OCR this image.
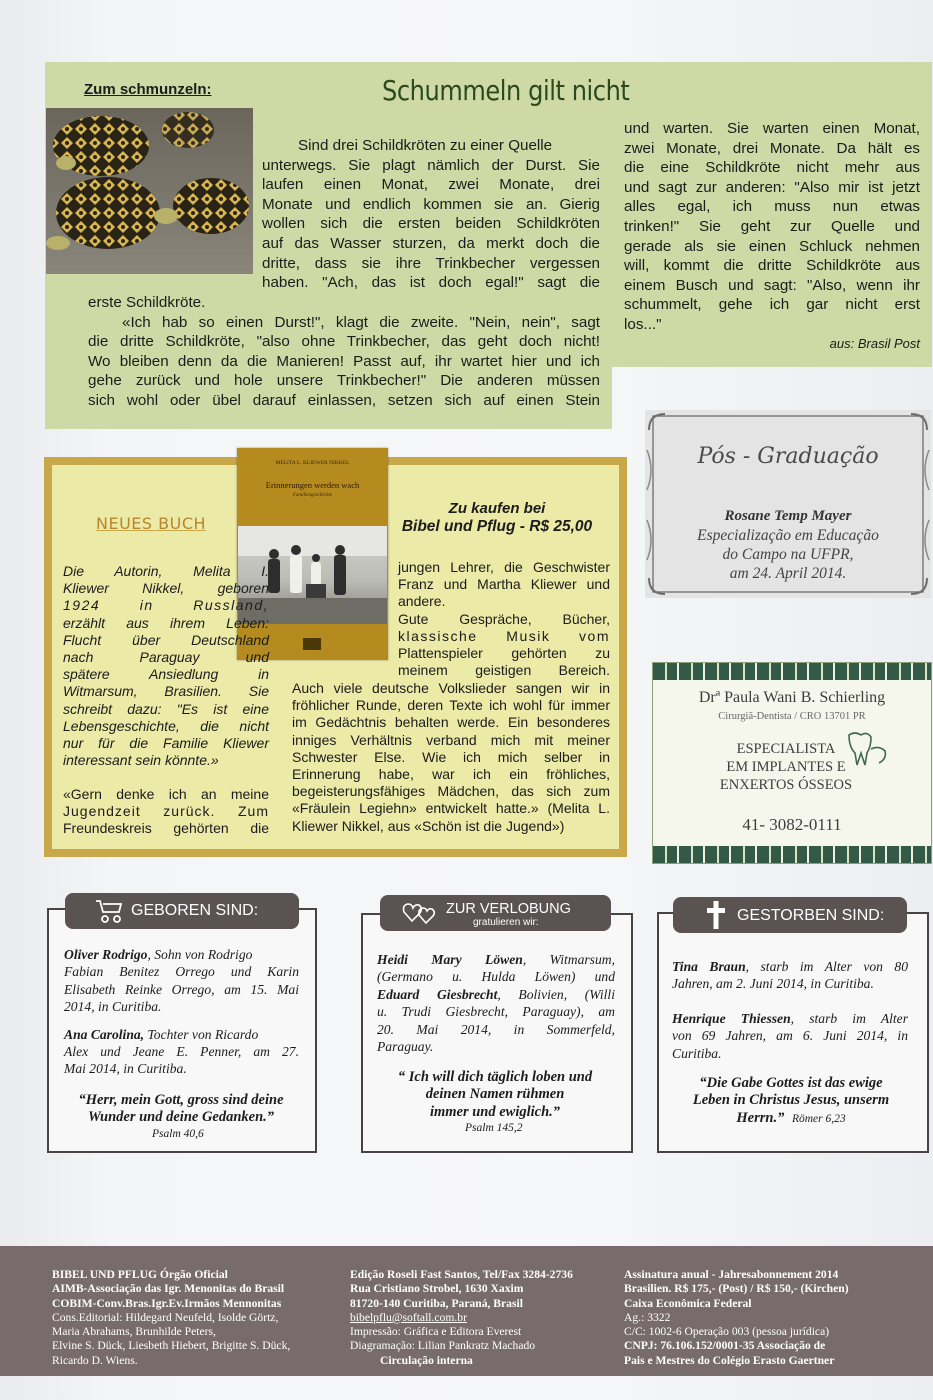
Zum schmunzeln:	Schummeln gilt nicht
Sind drei Schildkröten zu einer Quelle
unterwegs. Sie plagt nämlich der Durst. Sie
laufen einen Monat, zwei Monate, drei
Monate und endlich kommen sie an. Gierig
wollen sich die ersten beiden Schildkröten
auf das Wasser sturzen, da merkt doch die
dritte, dass sie ihre Trinkbecher vergessen
haben. "Ach, das ist doch egal!" sagt die
erste Schildkröte.
«Ich hab so einen Durst!", klagt die zweite. "Nein, nein", sagt
die dritte Schildkröte, "also ohne Trinkbecher, das geht doch nicht!
Wo bleiben denn da die Manieren! Passt auf, ihr wartet hier und ich
gehe zurück und hole unsere Trinkbecher!" Die anderen müssen
sich wohl oder übel darauf einlassen, setzen sich auf einen Stein
und warten. Sie warten einen Monat,
zwei Monate, drei Monate. Da hält es
die eine Schildkröte nicht mehr aus
und sagt zur anderen: "Also mir ist jetzt
alles egal, ich muss nun etwas
trinken!" Sie geht zur Quelle und
gerade als sie einen Schluck nehmen
will, kommt die dritte Schildkröte aus
einem Busch und sagt: "Also, wenn ihr
schummelt, gehe ich gar nicht erst
los..."
aus: Brasil Post
NEUES BUCH
MELITA L. KLIEWER NIKKEL
Erinnerungen werden wach
Familiengeschichte
Zu kaufen bei
Bibel und Pflug - R$ 25,00
Die Autorin, Melita I.
Kliewer Nikkel, geboren
1924 in Russland,
erzählt aus ihrem Leben:
Flucht über Deutschland
nach Paraguay und
spätere Ansiedlung in
Witmarsum, Brasilien. Sie
schreibt dazu: "Es ist eine
Lebensgeschichte, die nicht
nur für die Familie Kliewer
interessant sein könnte.»
«Gern denke ich an meine
Jugendzeit zurück. Zum
Freundeskreis gehörten die
jungen Lehrer, die Geschwister
Franz und Martha Kliewer und
andere.
Gute Gespräche, Bücher,
klassische Musik vom
Plattenspieler gehörten zu
meinem geistigen Bereich.
Auch viele deutsche Volkslieder sangen wir in
fröhlicher Runde, deren Texte ich wohl für immer
im Gedächtnis behalten werde. Ein besonderes
inniges Verhältnis verband mich mit meiner
Schwester Else. Wie ich mich selber in
Erinnerung habe, war ich ein fröhliches,
begeisterungsfähiges Mädchen, das sich zum
«Fräulein Legiehn» entwickelt hatte.» (Melita L.
Kliewer Nikkel, aus «Schön ist die Jugend»)
Pós - Graduação
Rosane Temp Mayer
Especialização em Educação
do Campo na UFPR,
am 24. April 2014.
Drª Paula Wani B. Schierling
Cirurgiã-Dentista / CRO 13701 PR
ESPECIALISTA
EM IMPLANTES E
ENXERTOS ÓSSEOS
41- 3082-0111
GEBOREN SIND:
Oliver Rodrigo, Sohn von Rodrigo
Fabian Benitez Orrego und Karin
Elisabeth Reinke Orrego, am 15. Mai
2014, in Curitiba.
Ana Carolina, Tochter von Ricardo
Alex und Jeane E. Penner, am 27.
Mai 2014, in Curitiba.
“Herr, mein Gott, gross sind deine
Wunder und deine Gedanken.”
Psalm 40,6
ZUR VERLOBUNG
gratulieren wir:
Heidi Mary Löwen, Witmarsum,
(Germano u. Hulda Löwen) und
Eduard Giesbrecht, Bolivien, (Willi
u. Trudi Giesbrecht, Paraguay), am
20. Mai 2014, in Sommerfeld,
Paraguay.
“ Ich will dich täglich loben und
deinen Namen rühmen
immer und ewiglich.”
Psalm 145,2
GESTORBEN SIND:
Tina Braun, starb im Alter von 80
Jahren, am 2. Juni 2014, in Curitiba.
Henrique Thiessen, starb im Alter
von 69 Jahren, am 6. Juni 2014, in
Curitiba.
“Die Gabe Gottes ist das ewige
Leben in Christus Jesus, unserm
Herrn.” Römer 6,23
BIBEL UND PFLUG Órgão Oficial
AIMB-Associação das Igr. Menonitas do Brasil
COBIM-Conv.Bras.Igr.Ev.Irmãos Mennonitas
Cons.Editorial: Hildegard Neufeld, Isolde Görtz,
Maria Abrahams, Brunhilde Peters,
Elvine S. Dück, Liesbeth Hiebert, Brigitte S. Dück,
Ricardo D. Wiens.
Edição Roseli Fast Santos, Tel/Fax 3284-2736
Rua Cristiano Strobel, 1630 Xaxim
81720-140 Curitiba, Paraná, Brasil
bibelpflu@softall.com.br
Impressão: Gráfica e Editora Everest
Diagramação: Lilian Pankratz Machado
Circulação interna
Assinatura anual - Jahresabonnement 2014
Brasilien. R$ 175,- (Post) / R$ 150,- (Kirchen)
Caixa Econômica Federal
Ag.: 3322
C/C: 1002-6 Operação 003 (pessoa jurídica)
CNPJ: 76.106.152/0001-35 Associação de
Pais e Mestres do Colégio Erasto Gaertner
